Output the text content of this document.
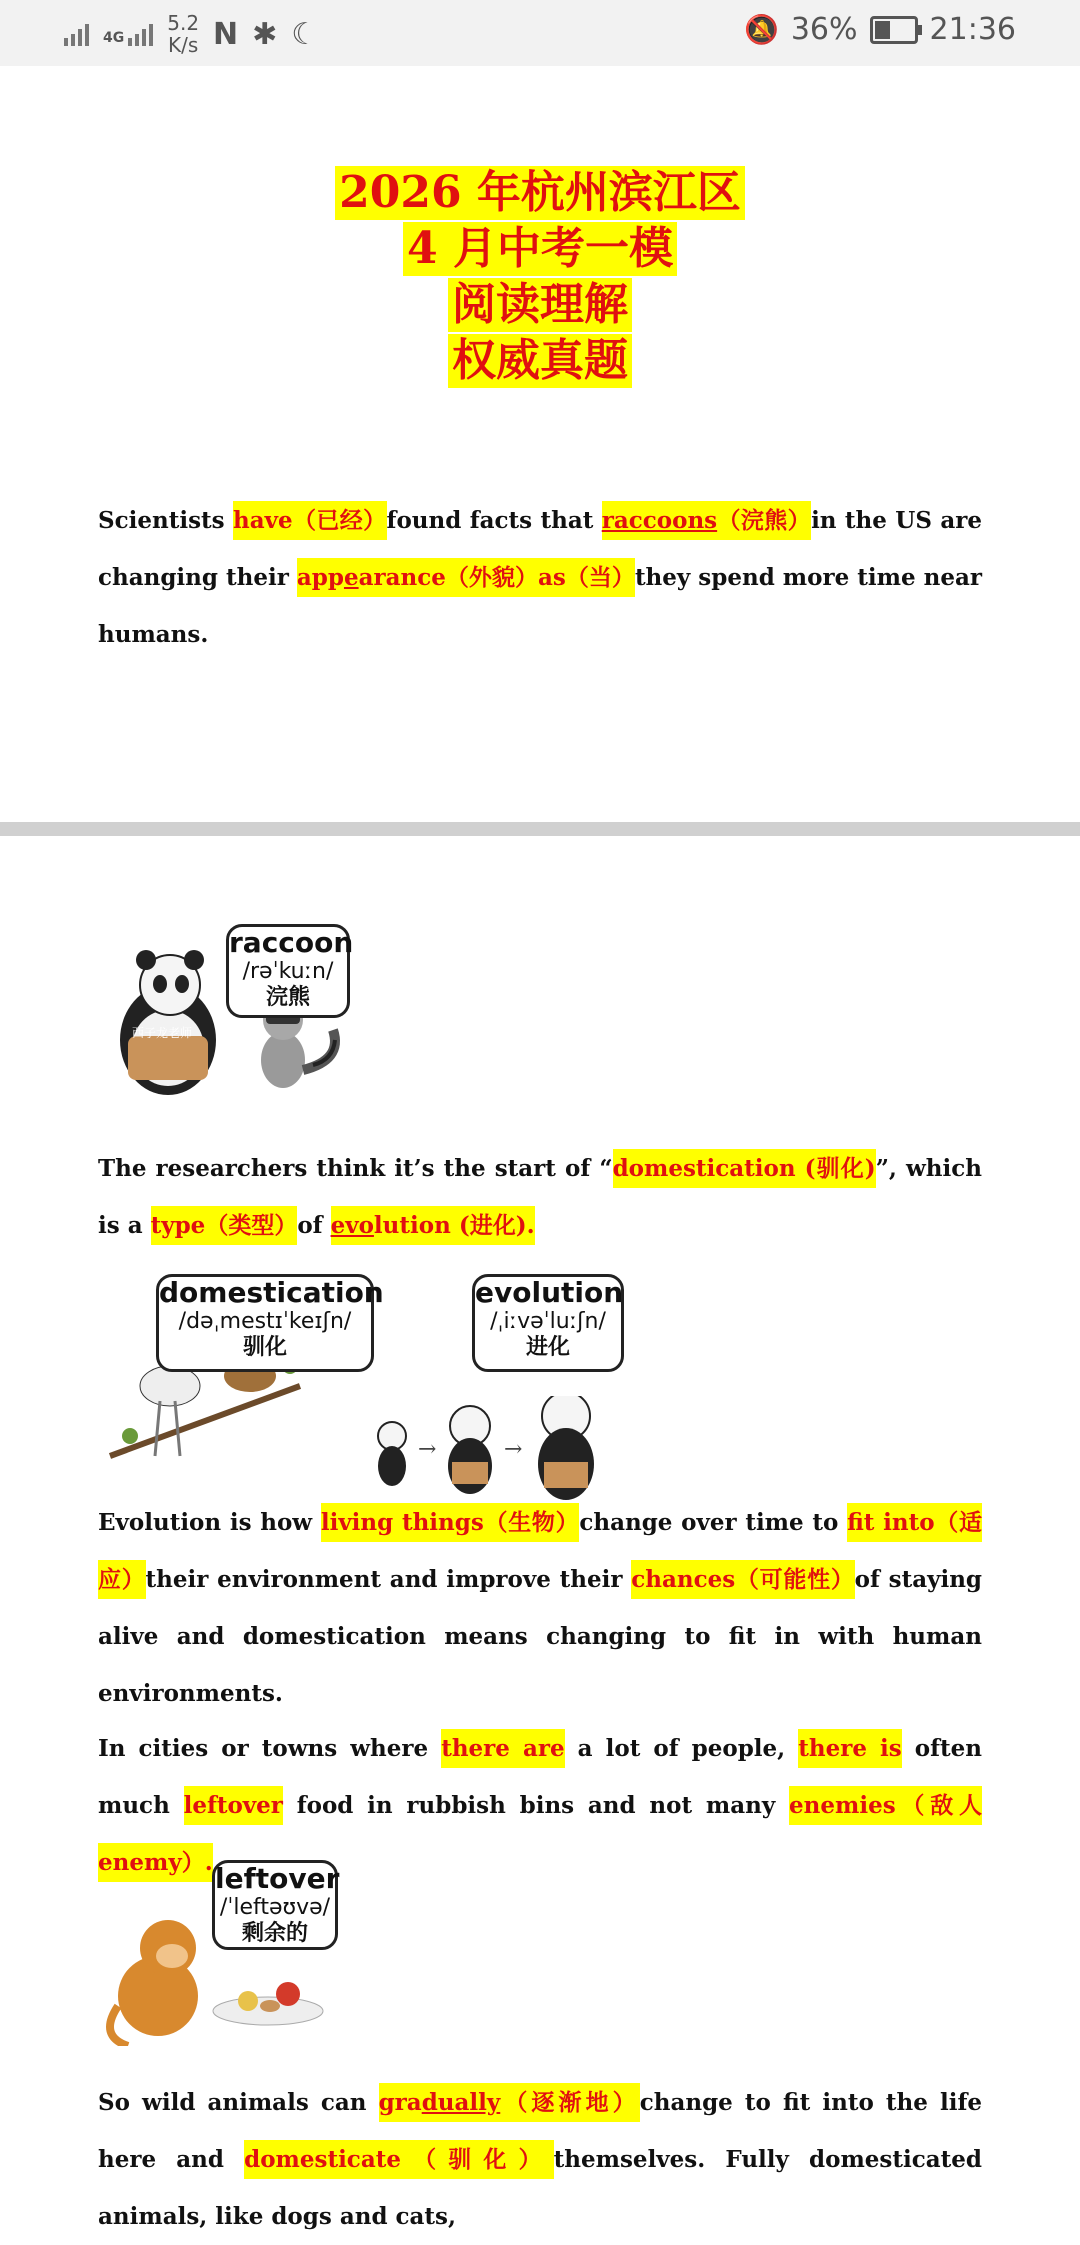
4G
5.2
K/s N ✱ ☾	🔕 36% 21:36
2026 年杭州滨江区
4 月中考一模
阅读理解
权威真题
Scientists have（已经）found facts that raccoons（浣熊）in the US are changing their appearance（外貌）as（当）they spend more time near humans.
西子龙老师
raccoon
/rəˈkuːn/
浣熊
The researchers think it’s the start of “domestication (驯化)”, which is a type（类型）of evolution (进化).
domestication
/dəˌmestɪˈkeɪʃn/
驯化
→	→
evolution
/ˌiːvəˈluːʃn/
进化
Evolution is how living things（生物）change over time to fit into（适应）their environment and improve their chances（可能性）of staying alive and domestication means changing to fit in with human environments.
In cities or towns where there are a lot of people, there is often much leftover food in rubbish bins and not many enemies（敌人 enemy）. leftover
/ˈleftəʊvə/
剩余的
So wild animals can gradually（逐渐地）change to fit into the life here and domesticate（驯化）themselves. Fully domesticated animals, like dogs and cats,
